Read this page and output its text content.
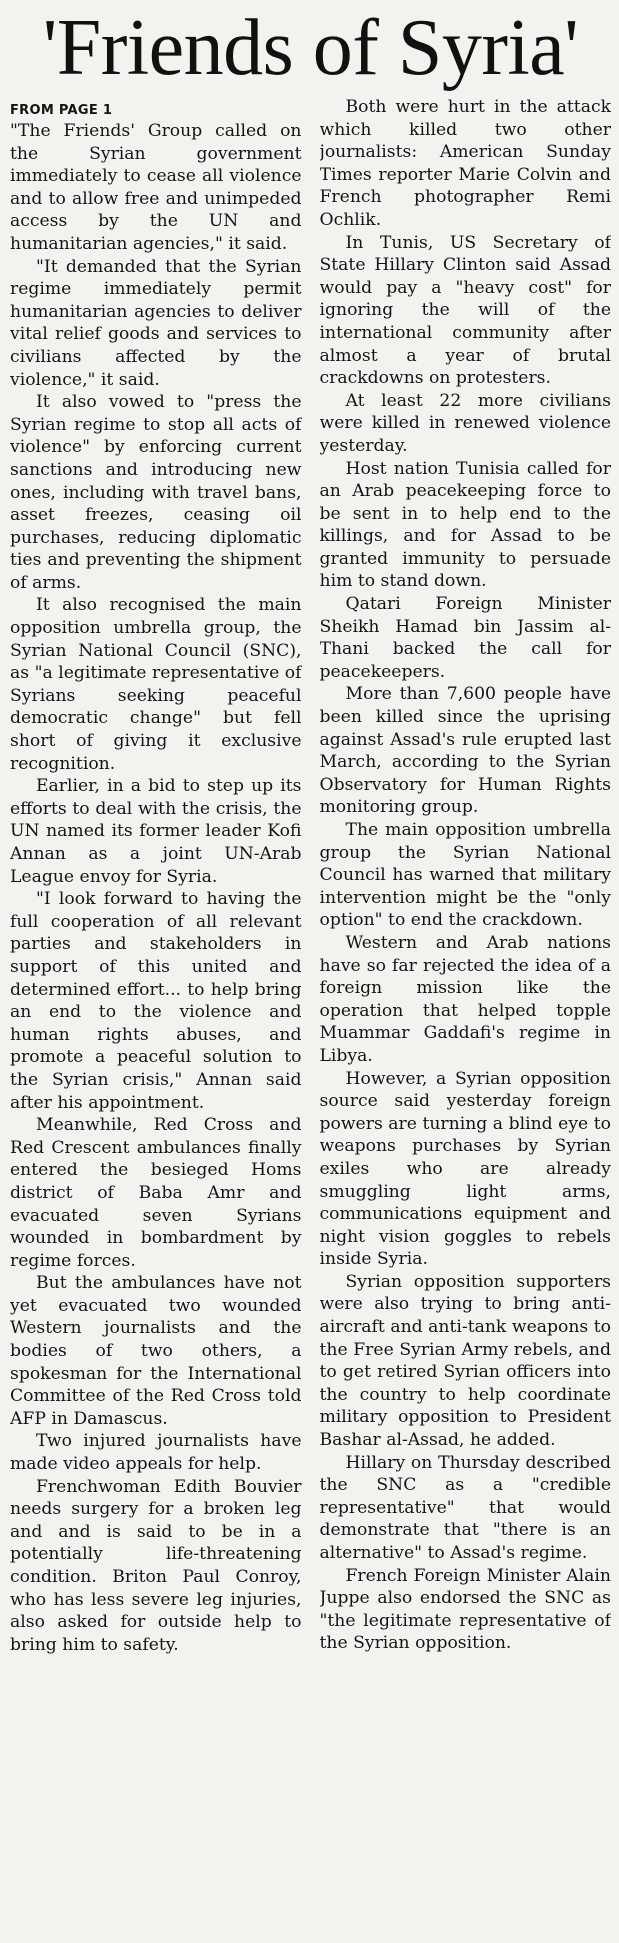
'Friends of Syria'
FROM PAGE 1

"The Friends' Group called on the Syrian government immediately to cease all violence and to allow free and unimpeded access by the UN and humanitarian agencies," it said.

"It demanded that the Syrian regime immediately permit humanitarian agencies to deliver vital relief goods and services to civilians affected by the violence," it said.

It also vowed to "press the Syrian regime to stop all acts of violence" by enforcing current sanctions and introducing new ones, including with travel bans, asset freezes, ceasing oil purchases, reducing diplomatic ties and preventing the shipment of arms.

It also recognised the main opposition umbrella group, the Syrian National Council (SNC), as "a legitimate representative of Syrians seeking peaceful democratic change" but fell short of giving it exclusive recognition.

Earlier, in a bid to step up its efforts to deal with the crisis, the UN named its former leader Kofi Annan as a joint UN-Arab League envoy for Syria.

"I look forward to having the full cooperation of all relevant parties and stakeholders in support of this united and determined effort... to help bring an end to the violence and human rights abuses, and promote a peaceful solution to the Syrian crisis," Annan said after his appointment.

Meanwhile, Red Cross and Red Crescent ambulances finally entered the besieged Homs district of Baba Amr and evacuated seven Syrians wounded in bombardment by regime forces.

But the ambulances have not yet evacuated two wounded Western journalists and the bodies of two others, a spokesman for the International Committee of the Red Cross told AFP in Damascus.

Two injured journalists have made video appeals for help.

Frenchwoman Edith Bouvier needs surgery for a broken leg and and is said to be in a potentially life-threatening condition. Briton Paul Conroy, who has less severe leg injuries, also asked for outside help to bring him to safety.

Both were hurt in the attack which killed two other journalists: American Sunday Times reporter Marie Colvin and French photographer Remi Ochlik.

In Tunis, US Secretary of State Hillary Clinton said Assad would pay a "heavy cost" for ignoring the will of the international community after almost a year of brutal crackdowns on protesters.

At least 22 more civilians were killed in renewed violence yesterday.

Host nation Tunisia called for an Arab peacekeeping force to be sent in to help end to the killings, and for Assad to be granted immunity to persuade him to stand down.

Qatari Foreign Minister Sheikh Hamad bin Jassim al-Thani backed the call for peacekeepers.

More than 7,600 people have been killed since the uprising against Assad's rule erupted last March, according to the Syrian Observatory for Human Rights monitoring group.

The main opposition umbrella group the Syrian National Council has warned that military intervention might be the "only option" to end the crackdown.

Western and Arab nations have so far rejected the idea of a foreign mission like the operation that helped topple Muammar Gaddafi's regime in Libya.

However, a Syrian opposition source said yesterday foreign powers are turning a blind eye to weapons purchases by Syrian exiles who are already smuggling light arms, communications equipment and night vision goggles to rebels inside Syria.

Syrian opposition supporters were also trying to bring anti-aircraft and anti-tank weapons to the Free Syrian Army rebels, and to get retired Syrian officers into the country to help coordinate military opposition to President Bashar al-Assad, he added.

Hillary on Thursday described the SNC as a "credible representative" that would demonstrate that "there is an alternative" to Assad's regime.

French Foreign Minister Alain Juppe also endorsed the SNC as "the legitimate representative of the Syrian opposition.
